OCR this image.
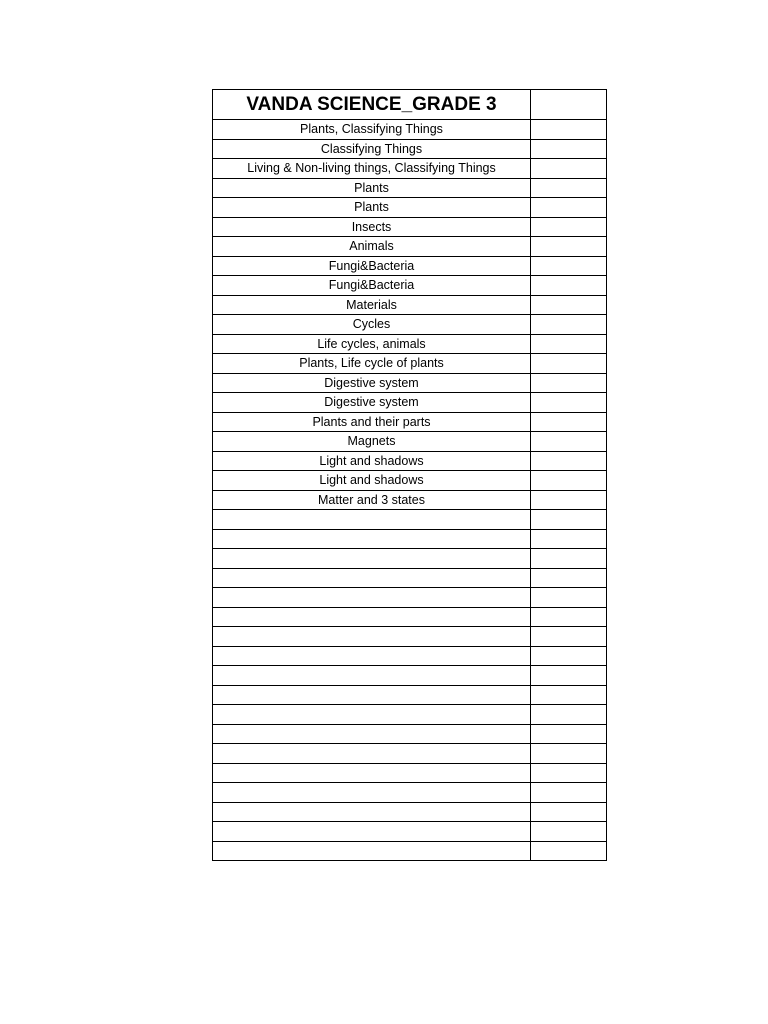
VANDA SCIENCE_GRADE 3	
Plants, Classifying Things	
Classifying Things	
Living & Non-living things, Classifying Things	
Plants	
Plants	
Insects	
Animals	
Fungi&Bacteria	
Fungi&Bacteria	
Materials	
Cycles	
Life cycles, animals	
Plants, Life cycle of plants	
Digestive system	
Digestive system	
Plants and their parts	
Magnets	
Light and shadows	
Light and shadows	
Matter and 3 states	
